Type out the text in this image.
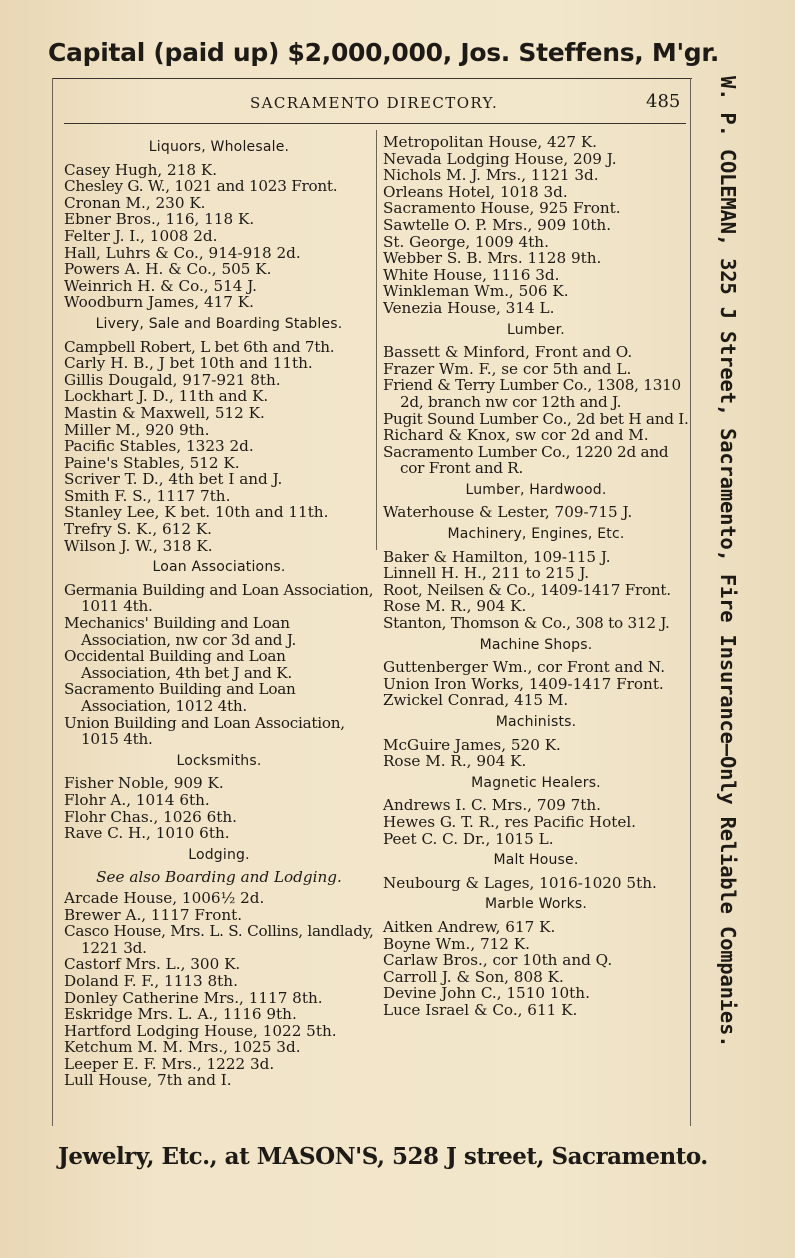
Capital (paid up) $2,000,000, Jos. Steffens, M'gr.
W. P. COLEMAN, 325 J Street, Sacramento, Fire Insurance—Only Reliable Companies.
SACRAMENTO DIRECTORY.	485
Liquors, Wholesale.
Casey Hugh, 218 K.
Chesley G. W., 1021 and 1023 Front.
Cronan M., 230 K.
Ebner Bros., 116, 118 K.
Felter J. I., 1008 2d.
Hall, Luhrs & Co., 914-918 2d.
Powers A. H. & Co., 505 K.
Weinrich H. & Co., 514 J.
Woodburn James, 417 K.
Livery, Sale and Boarding Stables.
Campbell Robert, L bet 6th and 7th.
Carly H. B., J bet 10th and 11th.
Gillis Dougald, 917-921 8th.
Lockhart J. D., 11th and K.
Mastin & Maxwell, 512 K.
Miller M., 920 9th.
Pacific Stables, 1323 2d.
Paine's Stables, 512 K.
Scriver T. D., 4th bet I and J.
Smith F. S., 1117 7th.
Stanley Lee, K bet. 10th and 11th.
Trefry S. K., 612 K.
Wilson J. W., 318 K.
Loan Associations.
Germania Building and Loan Association, 1011 4th.
Mechanics' Building and Loan Association, nw cor 3d and J.
Occidental Building and Loan Association, 4th bet J and K.
Sacramento Building and Loan Association, 1012 4th.
Union Building and Loan Association, 1015 4th.
Locksmiths.
Fisher Noble, 909 K.
Flohr A., 1014 6th.
Flohr Chas., 1026 6th.
Rave C. H., 1010 6th.
Lodging.
See also Boarding and Lodging.
Arcade House, 1006½ 2d.
Brewer A., 1117 Front.
Casco House, Mrs. L. S. Collins, landlady, 1221 3d.
Castorf Mrs. L., 300 K.
Doland F. F., 1113 8th.
Donley Catherine Mrs., 1117 8th.
Eskridge Mrs. L. A., 1116 9th.
Hartford Lodging House, 1022 5th.
Ketchum M. M. Mrs., 1025 3d.
Leeper E. F. Mrs., 1222 3d.
Lull House, 7th and I.
Metropolitan House, 427 K.
Nevada Lodging House, 209 J.
Nichols M. J. Mrs., 1121 3d.
Orleans Hotel, 1018 3d.
Sacramento House, 925 Front.
Sawtelle O. P. Mrs., 909 10th.
St. George, 1009 4th.
Webber S. B. Mrs. 1128 9th.
White House, 1116 3d.
Winkleman Wm., 506 K.
Venezia House, 314 L.
Lumber.
Bassett & Minford, Front and O.
Frazer Wm. F., se cor 5th and L.
Friend & Terry Lumber Co., 1308, 1310 2d, branch nw cor 12th and J.
Pugit Sound Lumber Co., 2d bet H and I.
Richard & Knox, sw cor 2d and M.
Sacramento Lumber Co., 1220 2d and cor Front and R.
Lumber, Hardwood.
Waterhouse & Lester, 709-715 J.
Machinery, Engines, Etc.
Baker & Hamilton, 109-115 J.
Linnell H. H., 211 to 215 J.
Root, Neilsen & Co., 1409-1417 Front.
Rose M. R., 904 K.
Stanton, Thomson & Co., 308 to 312 J.
Machine Shops.
Guttenberger Wm., cor Front and N.
Union Iron Works, 1409-1417 Front.
Zwickel Conrad, 415 M.
Machinists.
McGuire James, 520 K.
Rose M. R., 904 K.
Magnetic Healers.
Andrews I. C. Mrs., 709 7th.
Hewes G. T. R., res Pacific Hotel.
Peet C. C. Dr., 1015 L.
Malt House.
Neubourg & Lages, 1016-1020 5th.
Marble Works.
Aitken Andrew, 617 K.
Boyne Wm., 712 K.
Carlaw Bros., cor 10th and Q.
Carroll J. & Son, 808 K.
Devine John C., 1510 10th.
Luce Israel & Co., 611 K.
Jewelry, Etc., at MASON'S, 528 J street, Sacramento.
